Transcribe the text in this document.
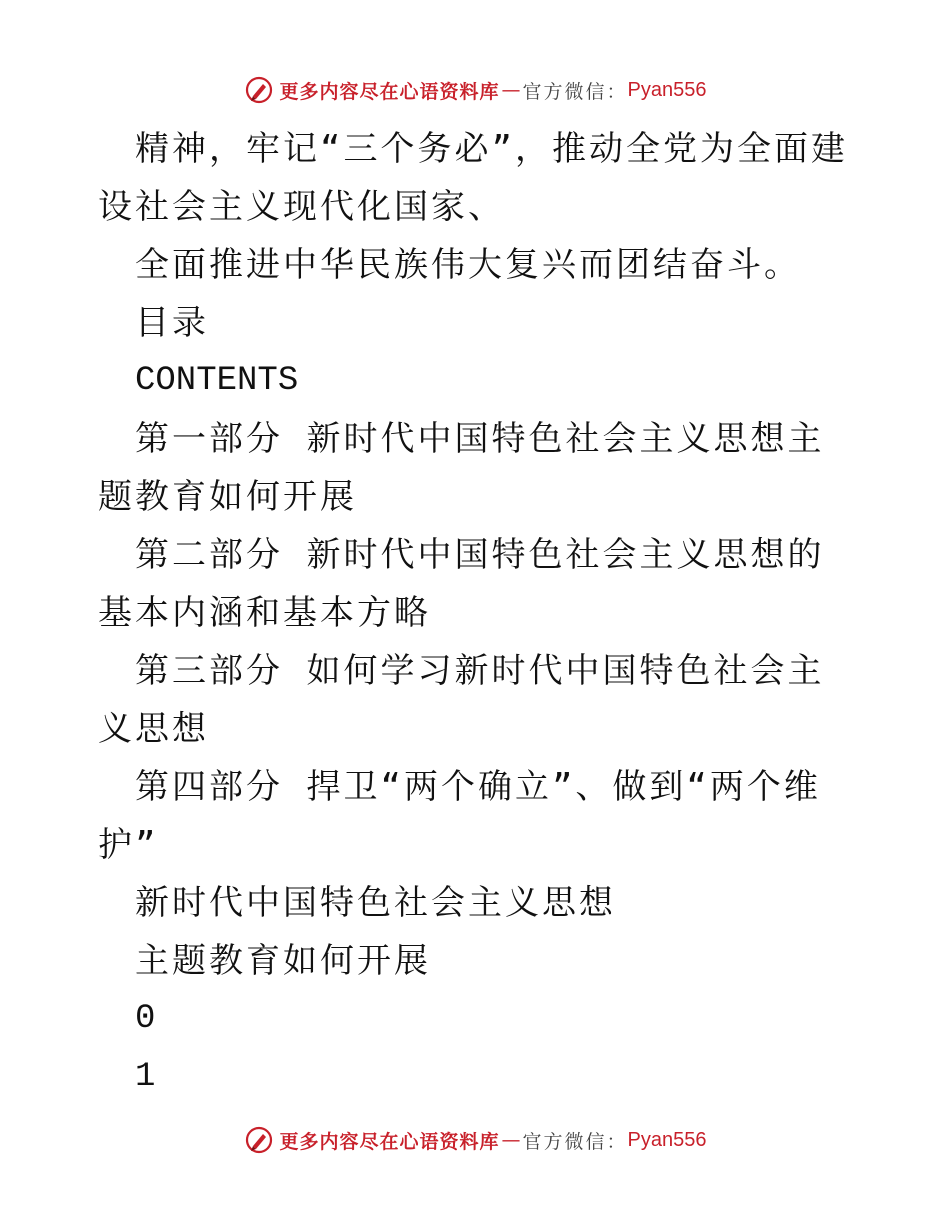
更多内容尽在心语资料库 — 官方微信： Pyan556

精神，牢记“三个务必”，推动全党为全面建设社会主义现代化国家、

全面推进中华民族伟大复兴而团结奋斗。

目录

CONTENTS

第一部分 新时代中国特色社会主义思想主题教育如何开展

第二部分 新时代中国特色社会主义思想的基本内涵和基本方略

第三部分 如何学习新时代中国特色社会主义思想

第四部分 捍卫“两个确立”、做到“两个维护”

新时代中国特色社会主义思想

主题教育如何开展

0

1

更多内容尽在心语资料库 — 官方微信： Pyan556
